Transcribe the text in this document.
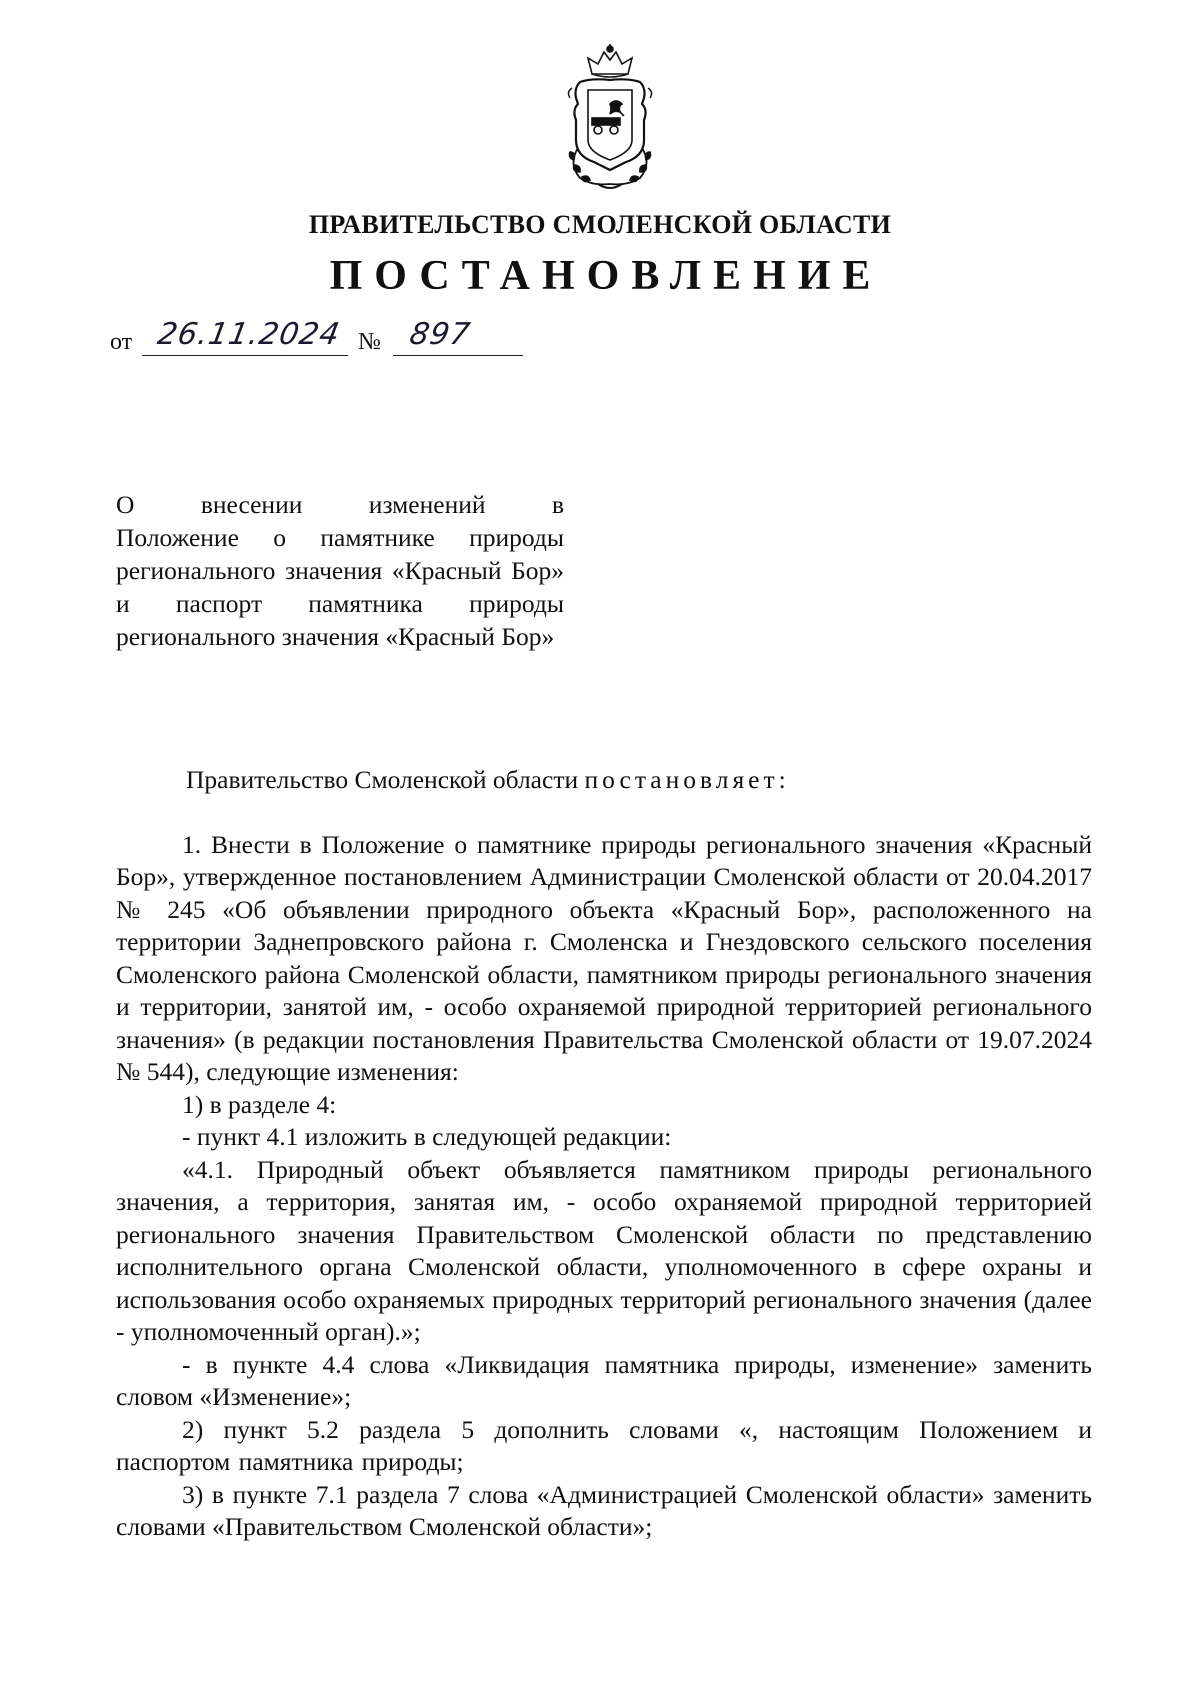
ПРАВИТЕЛЬСТВО СМОЛЕНСКОЙ ОБЛАСТИ
ПОСТАНОВЛЕНИЕ
от 26.11.2024 № 897
О	внесении	изменений	в
Положение о памятнике природы регионального значения «Красный Бор» и паспорт памятника природы регионального значения «Красный Бор»

Правительство Смоленской области постановляет:

1. Внести в Положение о памятнике природы регионального значения «Красный Бор», утвержденное постановлением Администрации Смоленской области от 20.04.2017 № 245 «Об объявлении природного объекта «Красный Бор», расположенного на территории Заднепровского района г. Смоленска и Гнездовского сельского поселения Смоленского района Смоленской области, памятником природы регионального значения и территории, занятой им, - особо охраняемой природной территорией регионального значения» (в редакции постановления Правительства Смоленской области от 19.07.2024 № 544), следующие изменения:

1) в разделе 4:

- пункт 4.1 изложить в следующей редакции:

«4.1. Природный объект объявляется памятником природы регионального значения, а территория, занятая им, - особо охраняемой природной территорией регионального значения Правительством Смоленской области по представлению исполнительного органа Смоленской области, уполномоченного в сфере охраны и использования особо охраняемых природных территорий регионального значения (далее - уполномоченный орган).»;

- в пункте 4.4 слова «Ликвидация памятника природы, изменение» заменить словом «Изменение»;

2) пункт 5.2 раздела 5 дополнить словами «, настоящим Положением и паспортом памятника природы;

3) в пункте 7.1 раздела 7 слова «Администрацией Смоленской области» заменить словами «Правительством Смоленской области»;
